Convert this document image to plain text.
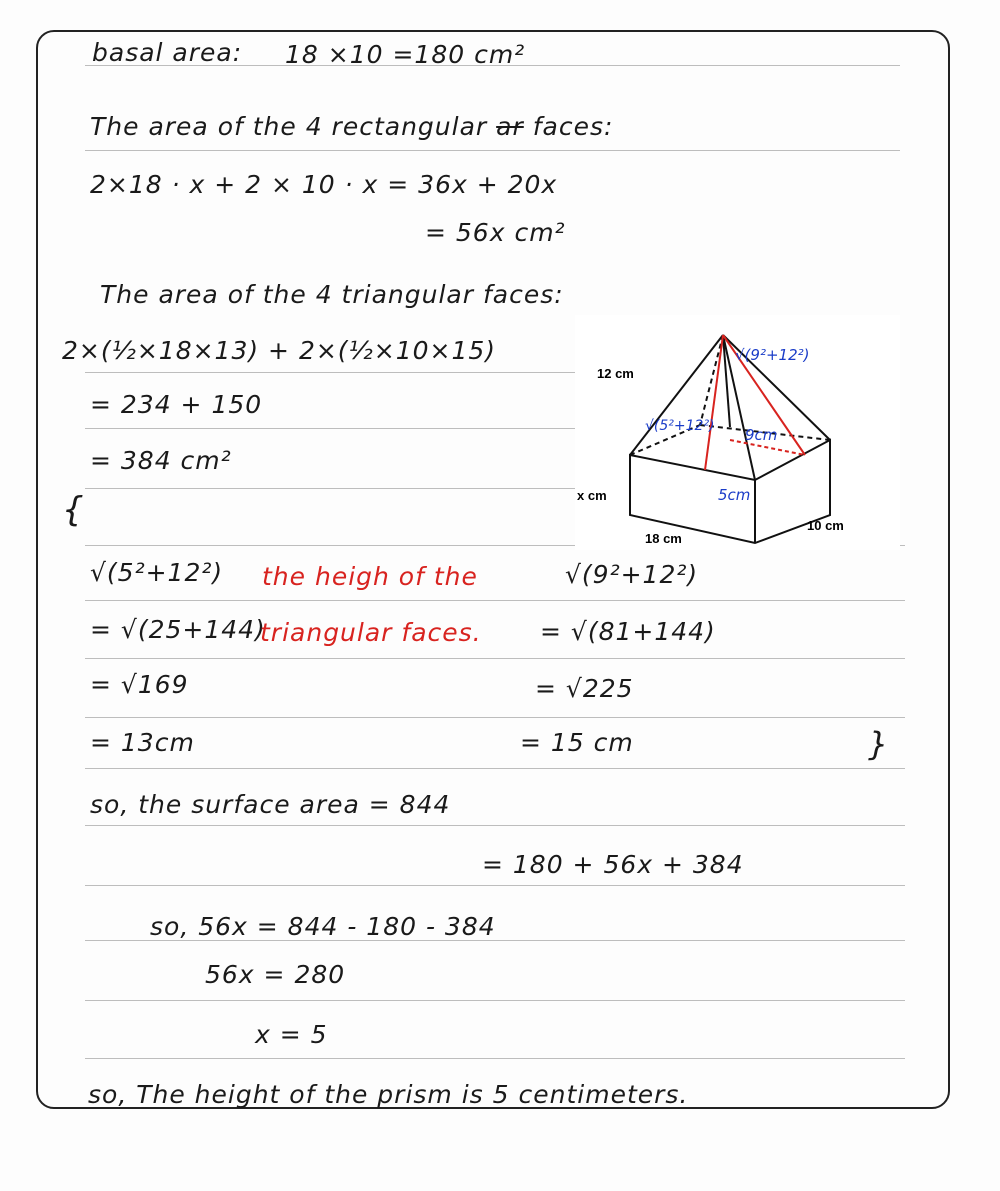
basal area: 18 ×10 =180 cm²
The area of the 4 rectangular ar faces:
2×18 · x + 2 × 10 · x = 36x + 20x
= 56x cm²
The area of the 4 triangular faces:
2×(½×18×13) + 2×(½×10×15)
= 234 + 150
= 384 cm²
{
12 cm
x cm
18 cm
10 cm
√(9²+12²)
√(5²+12²) 9cm
5cm
√(5²+12²) the heigh of the	√(9²+12²)
= √(25+144)
triangular faces. = √(81+144)
= √169	= √225
= 13cm	= 15 cm	}
so, the surface area = 844
= 180 + 56x + 384
so, 56x = 844 - 180 - 384
56x = 280
x = 5
so, The height of the prism is 5 centimeters.
